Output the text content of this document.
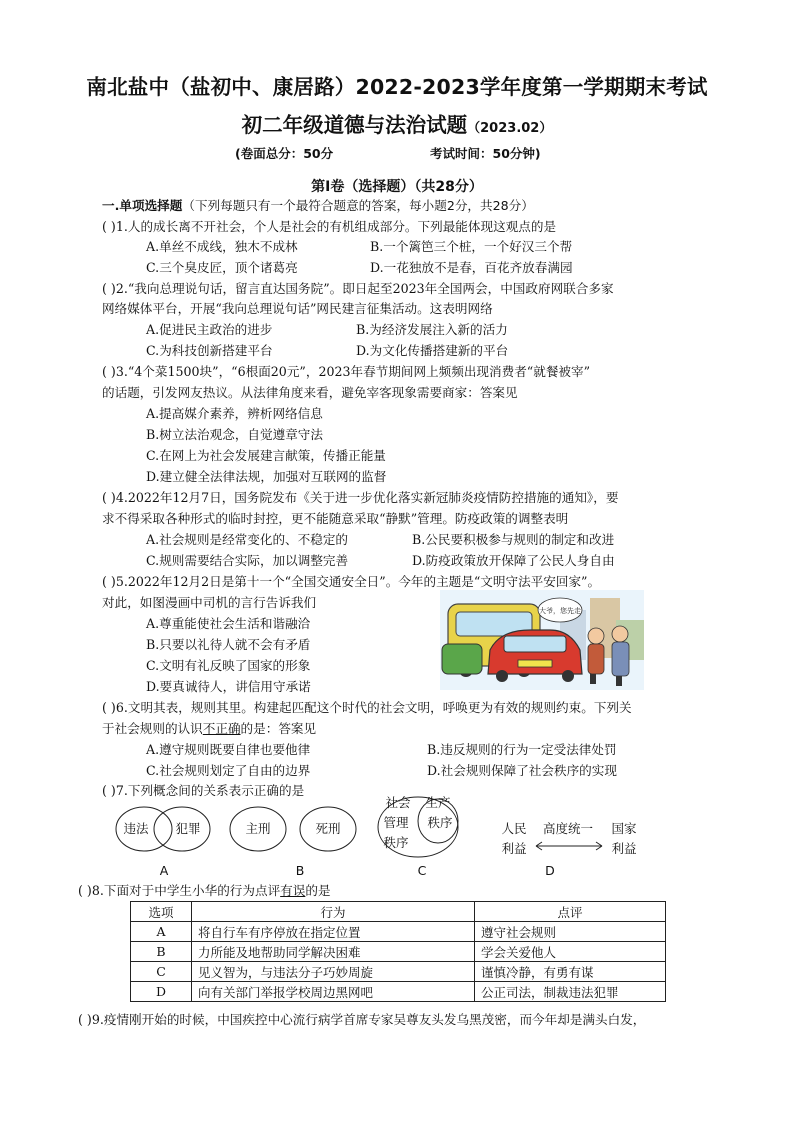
南北盐中（盐初中、康居路）2022-2023学年度第一学期期末考试
初二年级道德与法治试题（2023.02）
(卷面总分：50分	考试时间：50分钟)
第Ⅰ卷（选择题）（共28分）
一.单项选择题（下列每题只有一个最符合题意的答案，每小题2分，共28分）
( )1.人的成长离不开社会，个人是社会的有机组成部分。下列最能体现这观点的是
A.单丝不成线，独木不成林	B.一个篱笆三个桩，一个好汉三个帮
C.三个臭皮匠，顶个诸葛亮	D.一花独放不是春，百花齐放春满园
( )2.“我向总理说句话，留言直达国务院”。即日起至2023年全国两会，中国政府网联合多家
网络媒体平台，开展“我向总理说句话”网民建言征集活动。这表明网络
A.促进民主政治的进步	B.为经济发展注入新的活力
C.为科技创新搭建平台	D.为文化传播搭建新的平台
( )3.“4个菜1500块”，“6根面20元”，2023年春节期间网上频频出现消费者“就餐被宰”
的话题，引发网友热议。从法律角度来看，避免宰客现象需要商家：答案见
A.提高媒介素养，辨析网络信息
B.树立法治观念，自觉遵章守法
C.在网上为社会发展建言献策，传播正能量
D.建立健全法律法规，加强对互联网的监督
( )4.2022年12月7日，国务院发布《关于进一步优化落实新冠肺炎疫情防控措施的通知》，要
求不得采取各种形式的临时封控，更不能随意采取“静默”管理。防疫政策的调整表明
A.社会规则是经常变化的、不稳定的	B.公民要积极参与规则的制定和改进
C.规则需要结合实际，加以调整完善	D.防疫政策放开保障了公民人身自由
( )5.2022年12月2日是第十一个“全国交通安全日”。今年的主题是“文明守法平安回家”。
对此，如图漫画中司机的言行告诉我们
A.尊重能使社会生活和谐融洽
B.只要以礼待人就不会有矛盾
C.文明有礼反映了国家的形象
D.要真诚待人，讲信用守承诺
大爷，您先走
( )6.文明其表，规则其里。构建起匹配这个时代的社会文明，呼唤更为有效的规则约束。下列关
于社会规则的认识不正确的是：答案见
A.遵守规则既要自律也要他律	B.违反规则的行为一定受法律处罚
C.社会规则划定了自由的边界	D.社会规则保障了社会秩序的实现
( )7.下列概念间的关系表示正确的是
违法 犯罪
A
主刑	死刑
B
社会 生产
管理 秩序
秩序
C
人民
利益
高度统一 国家
利益
D
( )8.下面对于中学生小华的行为点评有误的是
选项	行为	点评
A	将自行车有序停放在指定位置	遵守社会规则
B	力所能及地帮助同学解决困难	学会关爱他人
C	见义智为，与违法分子巧妙周旋	谨慎冷静，有勇有谋
D	向有关部门举报学校周边黑网吧	公正司法，制裁违法犯罪
( )9.疫情刚开始的时候，中国疾控中心流行病学首席专家吴尊友头发乌黑茂密，而今年却是满头白发，
